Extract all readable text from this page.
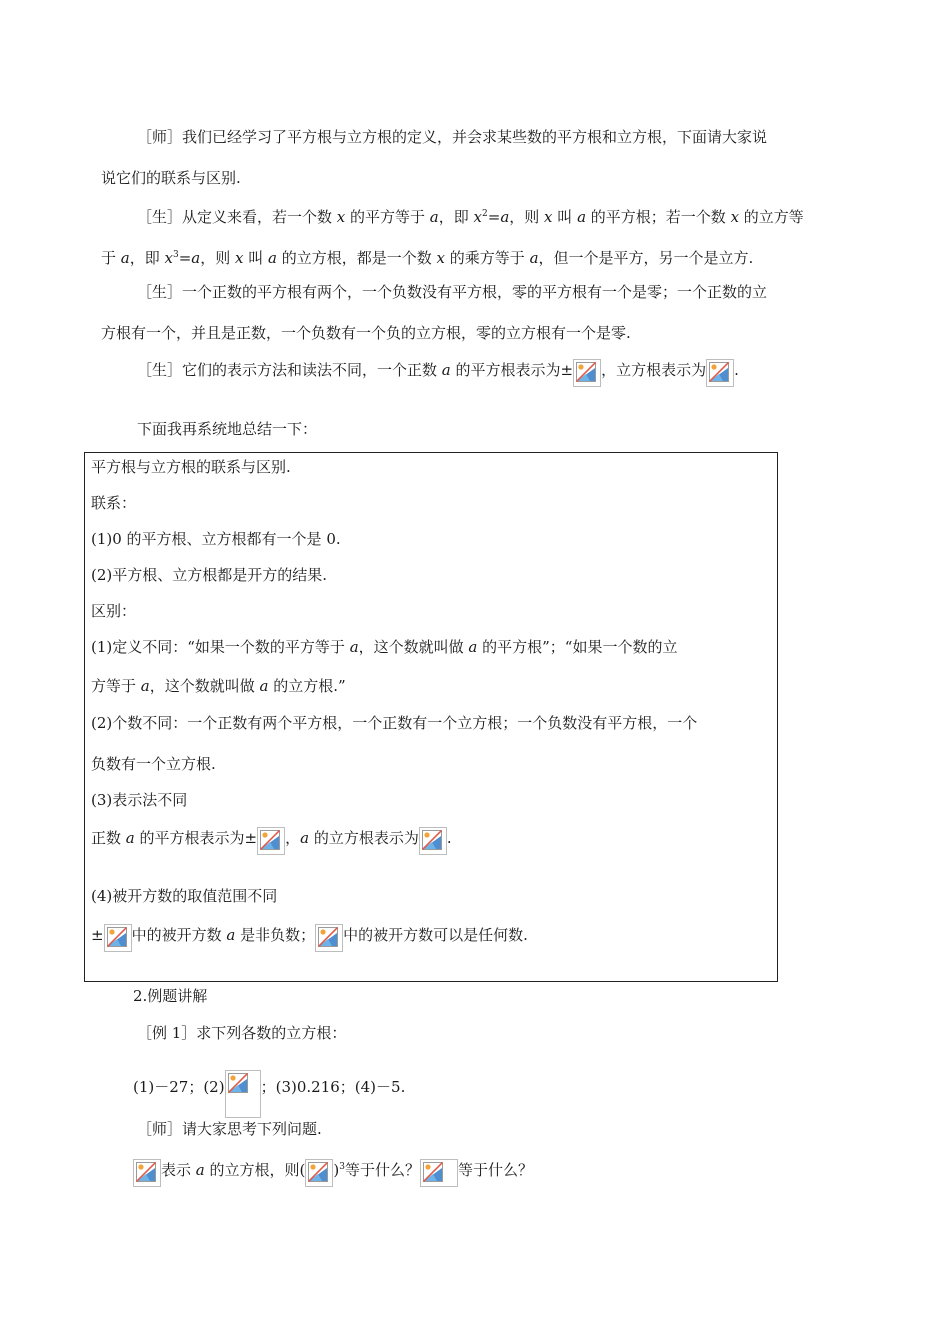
［师］我们已经学习了平方根与立方根的定义，并会求某些数的平方根和立方根，下面请大家说
说它们的联系与区别.
［生］从定义来看，若一个数 x 的平方等于 a，即 $x^2=a$，则 x 叫 a 的平方根；若一个数 x 的立方等
于 a，即 $x^3=a$，则 x 叫 a 的立方根，都是一个数 x 的乘方等于 a，但一个是平方，另一个是立方.
［生］一个正数的平方根有两个，一个负数没有平方根，零的平方根有一个是零；一个正数的立
方根有一个，并且是正数，一个负数有一个负的立方根，零的立方根有一个是零.
［生］它们的表示方法和读法不同，一个正数 a 的平方根表示为± ，立方根表示为 .
下面我再系统地总结一下：
平方根与立方根的联系与区别.
联系：
(1)0 的平方根、立方根都有一个是 0.
(2)平方根、立方根都是开方的结果.
区别：
(1)定义不同：“如果一个数的平方等于 a，这个数就叫做 a 的平方根”；“如果一个数的立
方等于 a，这个数就叫做 a 的立方根.”
(2)个数不同：一个正数有两个平方根，一个正数有一个立方根；一个负数没有平方根，一个
负数有一个立方根.
(3)表示法不同
正数 a 的平方根表示为± ，a 的立方根表示为 .
(4)被开方数的取值范围不同
± 中的被开方数 a 是非负数； 中的被开方数可以是任何数.
2.例题讲解
［例 1］求下列各数的立方根：
(1)－27；(2) ；(3)0.216；(4)－5.
［师］请大家思考下列问题.
表示 a 的立方根，则( )$^3$等于什么？	等于什么？
